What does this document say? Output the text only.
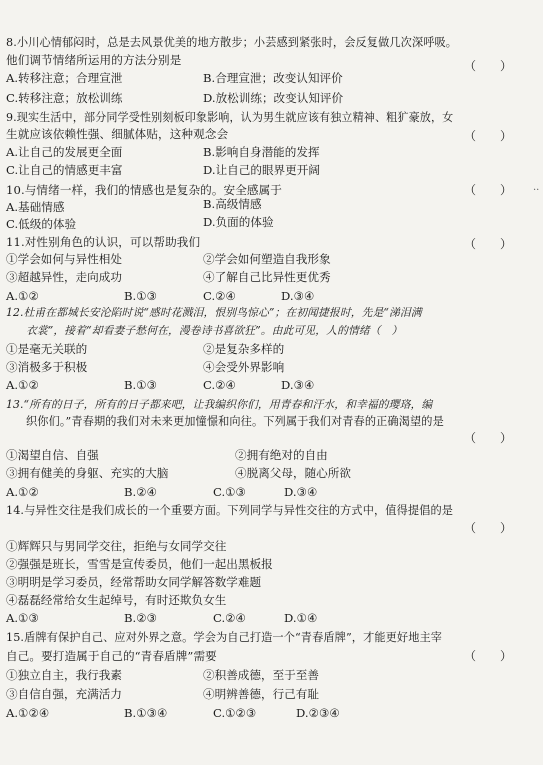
8.小川心情郁闷时，总是去风景优美的地方散步；小芸感到紧张时，会反复做几次深呼吸。
他们调节情绪所运用的方法分别是	（　　）
A.转移注意；合理宣泄	B.合理宣泄；改变认知评价
C.转移注意；放松训练	D.放松训练；改变认知评价
9.现实生活中，部分同学受性别刻板印象影响，认为男生就应该有独立精神、粗犷豪放，女
生就应该依赖性强、细腻体贴，这种观念会	（　　）
A.让自己的发展更全面	B.影响自身潜能的发挥
C.让自己的情感更丰富	D.让自己的眼界更开阔
10.与情绪一样，我们的情感也是复杂的。安全感属于	（　　）
A.基础情感	B.高级情感
C.低级的体验	D.负面的体验
··
11.对性别角色的认识，可以帮助我们	（　　）
①学会如何与异性相处	②学会如何塑造自我形象
③超越异性，走向成功	④了解自己比异性更优秀
A.①②	B.①③	C.②④	D.③④
12.杜甫在都城长安沦陷时说“感时花溅泪，恨别鸟惊心”；在初闻捷报时，先是“涕泪满
衣裳”，接着“却看妻子愁何在，漫卷诗书喜欲狂”。由此可见，人的情绪（　）
①是毫无关联的	②是复杂多样的
③消极多于积极	④会受外界影响
A.①②	B.①③	C.②④	D.③④
13.“所有的日子，所有的日子都来吧，让我编织你们，用青春和汗水，和幸福的璎珞，编
织你们。”青春期的我们对未来更加憧憬和向往。下列属于我们对青春的正确渴望的是
（　　）
①渴望自信、自强	②拥有绝对的自由
③拥有健美的身躯、充实的大脑	④脱离父母，随心所欲
A.①②	B.②④	C.①③	D.③④
14.与异性交往是我们成长的一个重要方面。下列同学与异性交往的方式中，值得提倡的是
（　　）
①辉辉只与男同学交往，拒绝与女同学交往
②强强是班长，雪雪是宣传委员，他们一起出黑板报
③明明是学习委员，经常帮助女同学解答数学难题
④磊磊经常给女生起绰号，有时还欺负女生
A.①③	B.②③	C.②④	D.①④
15.盾牌有保护自己、应对外界之意。学会为自己打造一个“青春盾牌”，才能更好地主宰
自己。要打造属于自己的“青春盾牌”需要	（　　）
①独立自主，我行我素	②积善成德，至于至善
③自信自强，充满活力	④明辨善德，行己有耻
A.①②④	B.①③④	C.①②③	D.②③④
